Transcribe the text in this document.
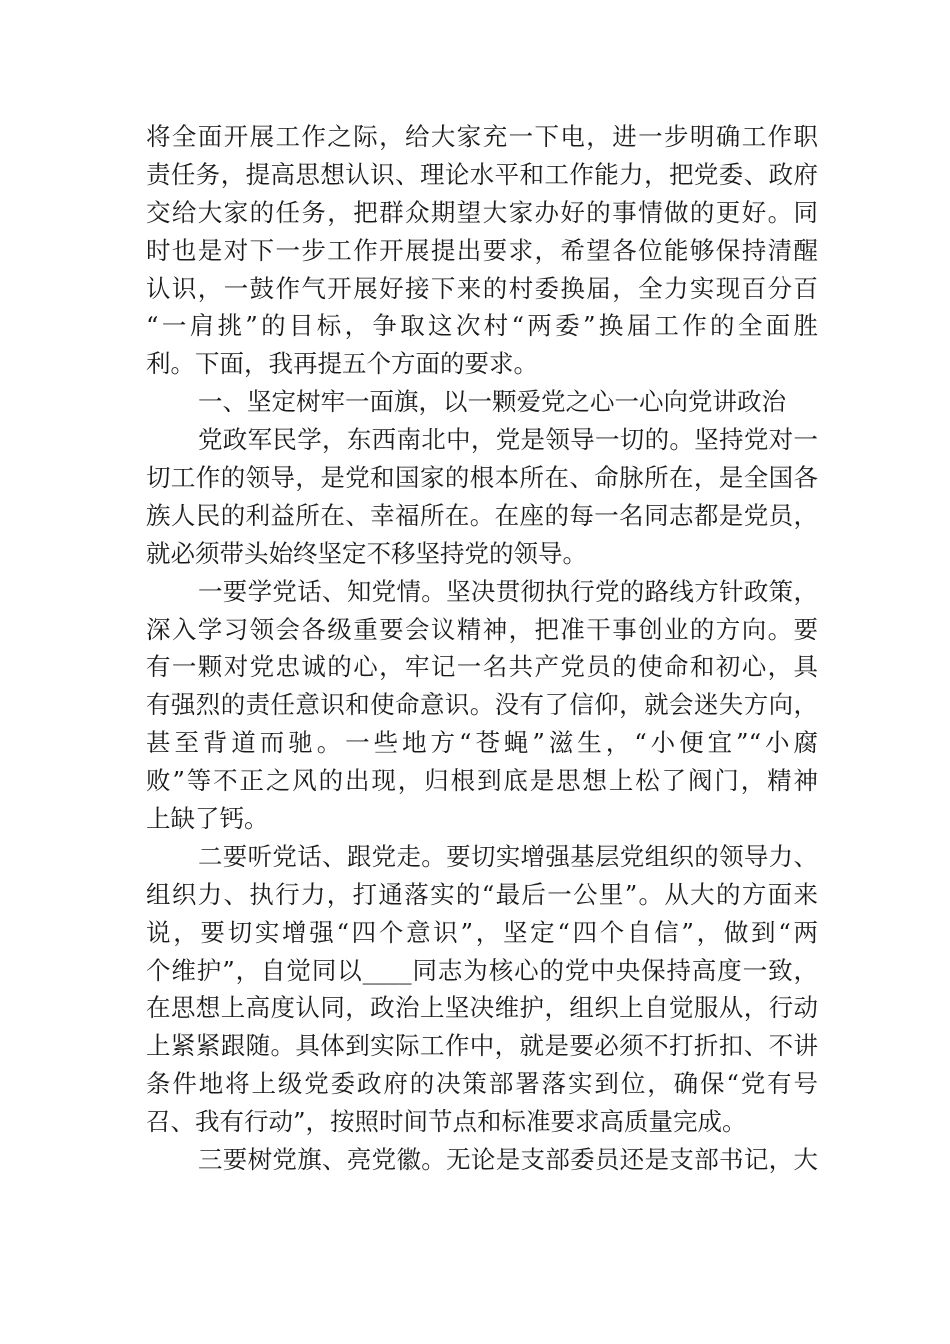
将全面开展工作之际，给大家充一下电，进一步明确工作职
责任务，提高思想认识、理论水平和工作能力，把党委、政府
交给大家的任务，把群众期望大家办好的事情做的更好。同
时也是对下一步工作开展提出要求，希望各位能够保持清醒
认识，一鼓作气开展好接下来的村委换届，全力实现百分百
“一肩挑”的目标，争取这次村“两委”换届工作的全面胜
利。下面，我再提五个方面的要求。
一、坚定树牢一面旗，以一颗爱党之心一心向党讲政治
党政军民学，东西南北中，党是领导一切的。坚持党对一
切工作的领导，是党和国家的根本所在、命脉所在，是全国各
族人民的利益所在、幸福所在。在座的每一名同志都是党员，
就必须带头始终坚定不移坚持党的领导。
一要学党话、知党情。坚决贯彻执行党的路线方针政策，
深入学习领会各级重要会议精神，把准干事创业的方向。要
有一颗对党忠诚的心，牢记一名共产党员的使命和初心，具
有强烈的责任意识和使命意识。没有了信仰，就会迷失方向，
甚至背道而驰。一些地方“苍蝇”滋生，“小便宜”“小腐
败”等不正之风的出现，归根到底是思想上松了阀门，精神
上缺了钙。
二要听党话、跟党走。要切实增强基层党组织的领导力、
组织力、执行力，打通落实的“最后一公里”。从大的方面来
说，要切实增强“四个意识”，坚定“四个自信”，做到“两
个维护”，自觉同以____同志为核心的党中央保持高度一致，
在思想上高度认同，政治上坚决维护，组织上自觉服从，行动
上紧紧跟随。具体到实际工作中，就是要必须不打折扣、不讲
条件地将上级党委政府的决策部署落实到位，确保“党有号
召、我有行动”，按照时间节点和标准要求高质量完成。
三要树党旗、亮党徽。无论是支部委员还是支部书记，大
